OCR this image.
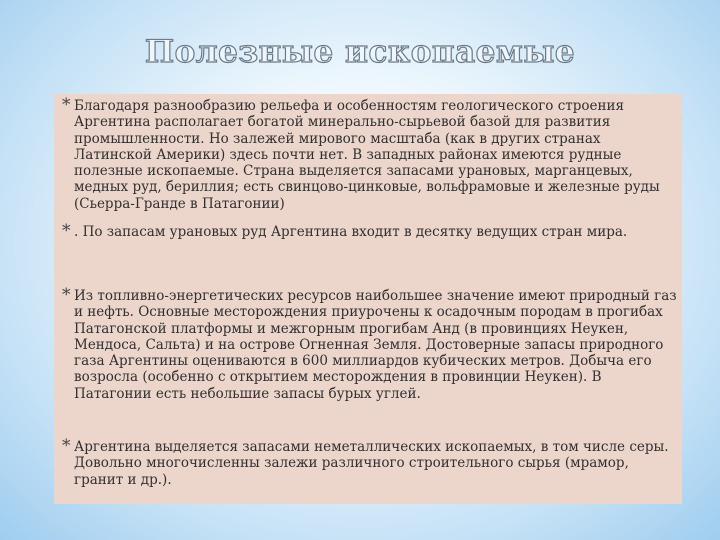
Полезные ископаемые
* Благодаря разнообразию рельефа и особенностям геологического строения Аргентина располагает богатой минерально-сырьевой базой для развития промышленности. Но залежей мирового масштаба (как в других странах Латинской Америки) здесь почти нет. В западных районах имеются рудные полезные ископаемые. Страна выделяется запасами урановых, марганцевых, медных руд, бериллия; есть свинцово-цинковые, вольфрамовые и железные руды (Сьерра-Гранде в Патагонии)
* . По запасам урановых руд Аргентина входит в десятку ведущих стран мира.
* Из топливно-энергетических ресурсов наибольшее значение имеют природный газ и нефть. Основные месторождения приурочены к осадочным породам в прогибах Патагонской платформы и межгорным прогибам Анд (в провинциях Неукен, Мендоса, Сальта) и на острове Огненная Земля. Достоверные запасы природного газа Аргентины оцениваются в 600 миллиардов кубических метров. Добыча его возросла (особенно с открытием месторождения в провинции Неукен). В Патагонии есть небольшие запасы бурых углей.
* Аргентина выделяется запасами неметаллических ископаемых, в том числе серы. Довольно многочисленны залежи различного строительного сырья (мрамор, гранит и др.).
